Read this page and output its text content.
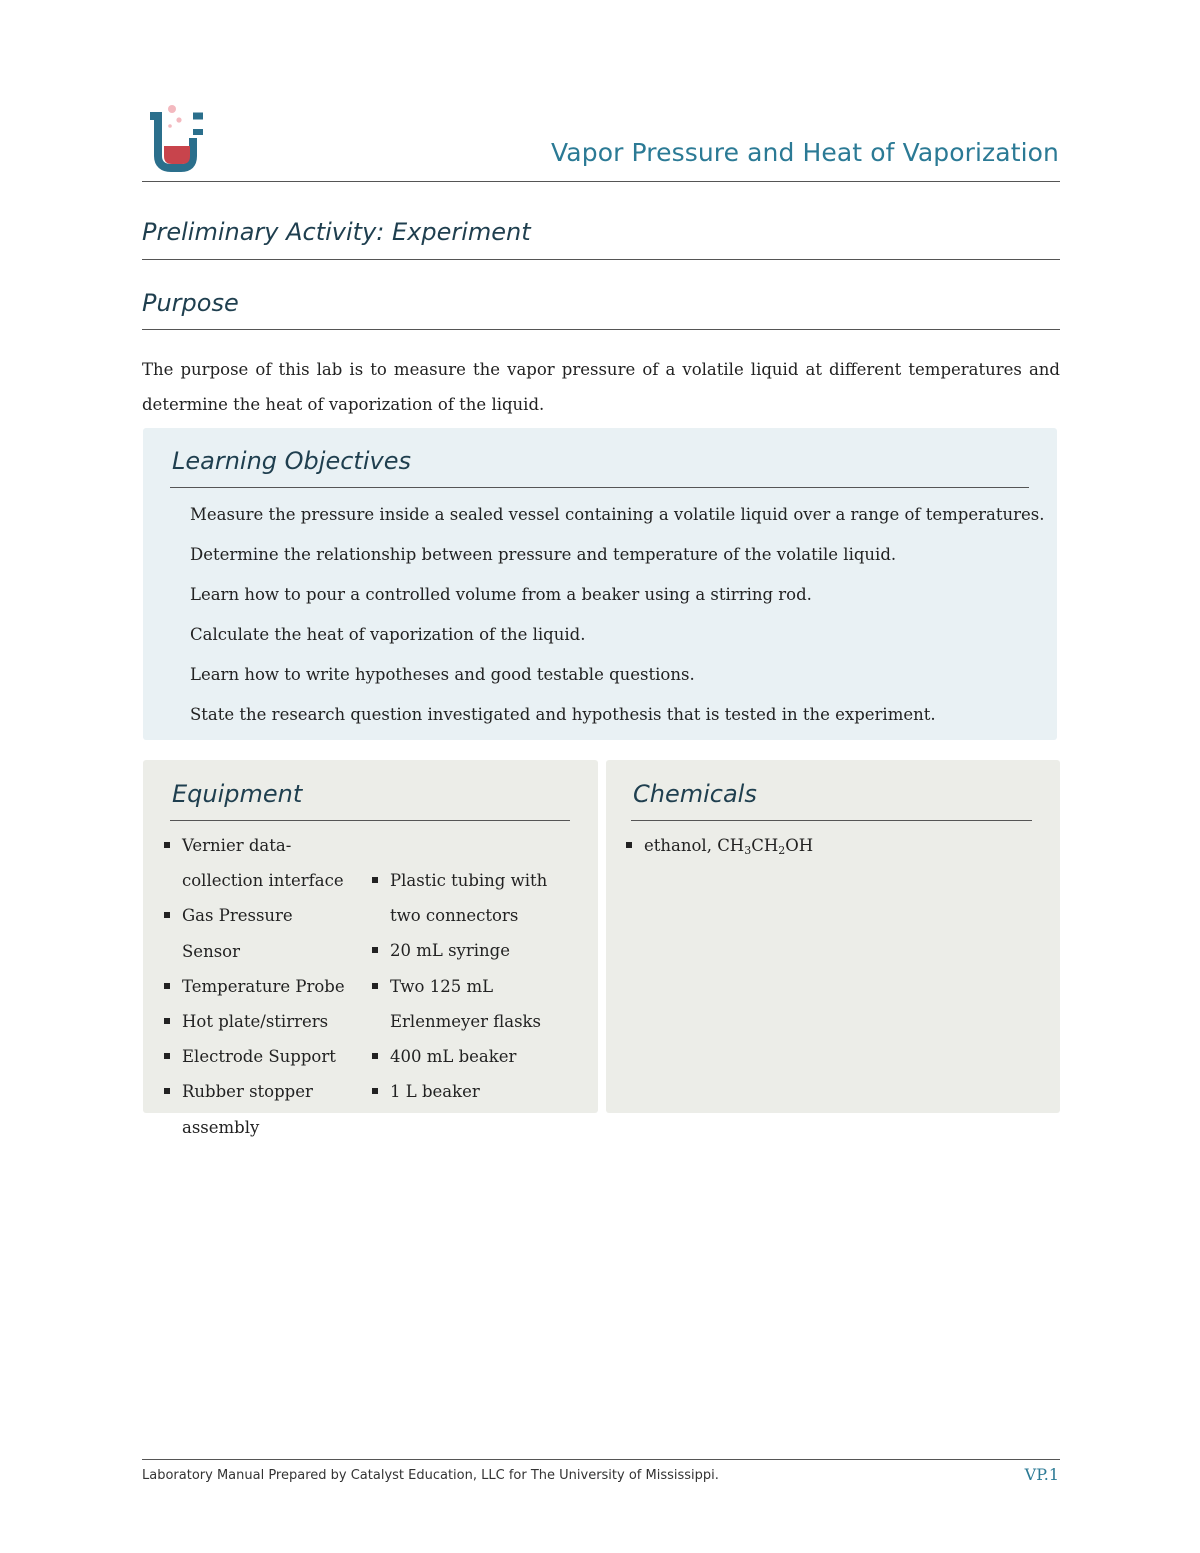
Vapor Pressure and Heat of Vaporization
Preliminary Activity: Experiment
Purpose
The purpose of this lab is to measure the vapor pressure of a volatile liquid at different temperatures and determine the heat of vaporization of the liquid.
Learning Objectives
Measure the pressure inside a sealed vessel containing a volatile liquid over a range of temperatures.
Determine the relationship between pressure and temperature of the volatile liquid.
Learn how to pour a controlled volume from a beaker using a stirring rod.
Calculate the heat of vaporization of the liquid.
Learn how to write hypotheses and good testable questions.
State the research question investigated and hypothesis that is tested in the experiment.
Equipment
Vernier data-collection interface
Gas Pressure Sensor
Temperature Probe
Hot plate/stirrers
Electrode Support
Rubber stopper assembly
Plastic tubing with two connectors
20 mL syringe
Two 125 mL Erlenmeyer flasks
400 mL beaker
1 L beaker
Chemicals
ethanol, $CH_3CH_2OH$
Laboratory Manual Prepared by Catalyst Education, LLC for The University of Mississippi.	VP.1
